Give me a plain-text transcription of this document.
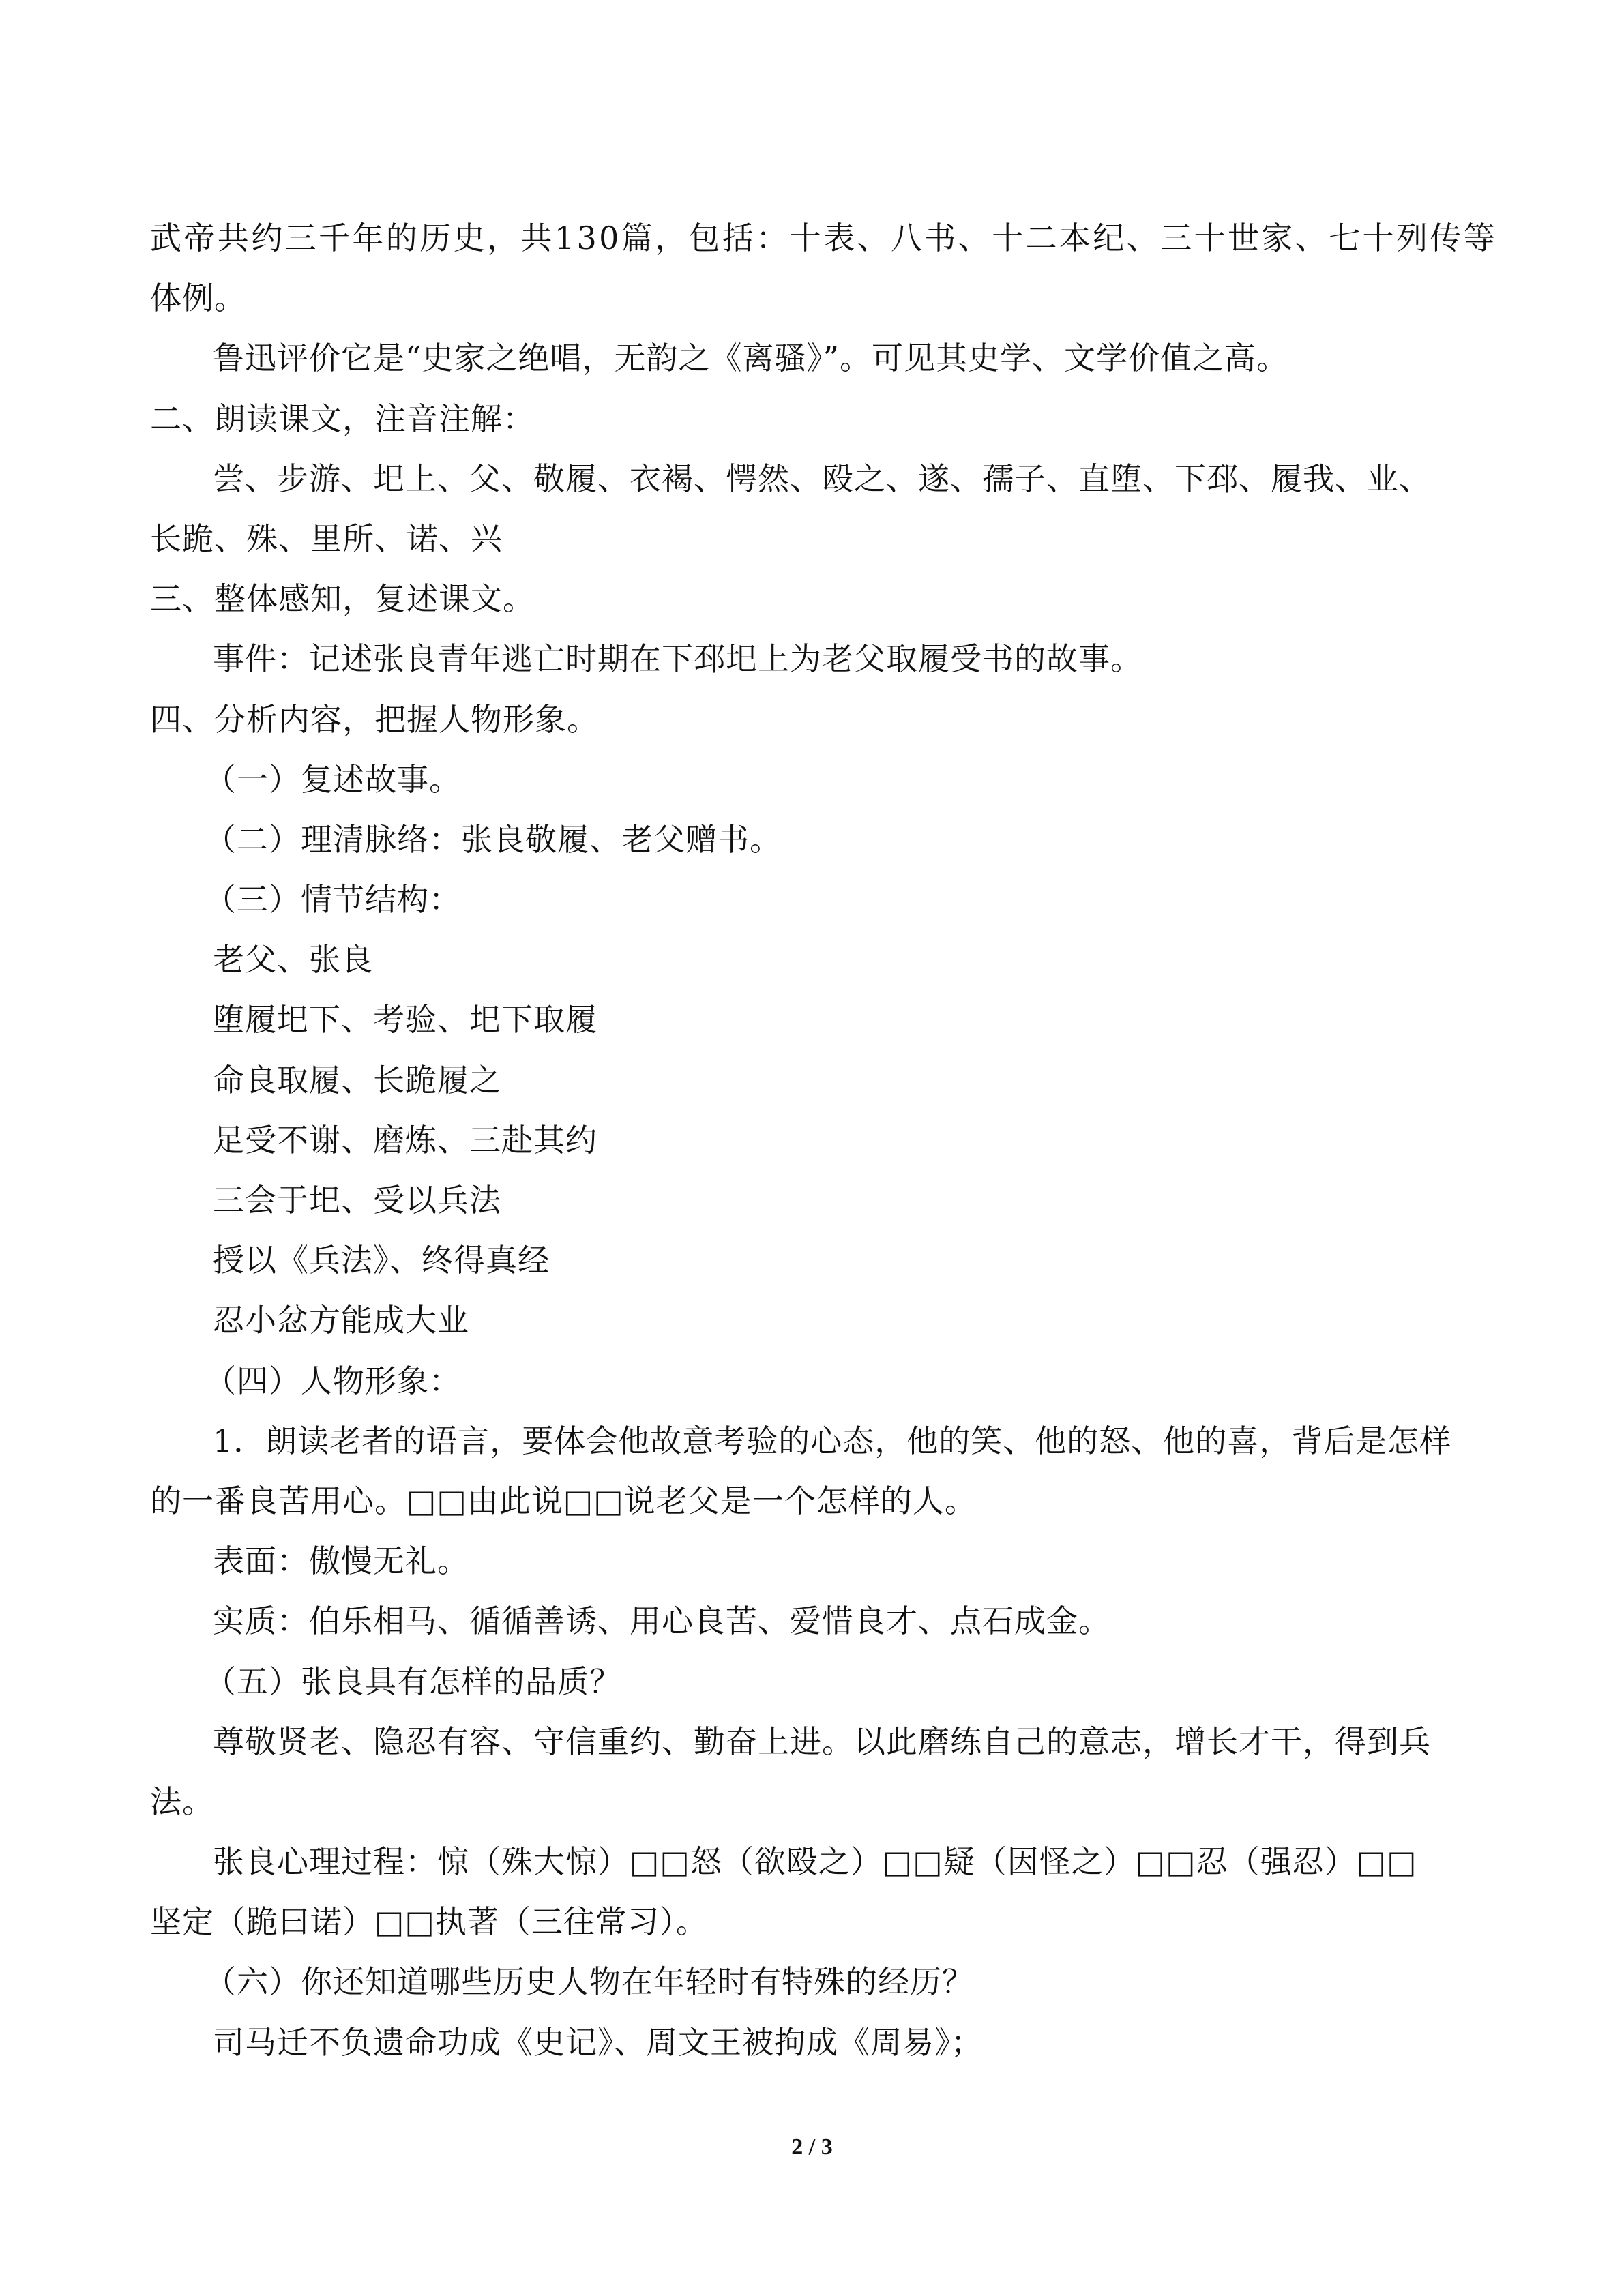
武帝共约三千年的历史，共130篇，包括：十表、八书、十二本纪、三十世家、七十列传等
体例。
鲁迅评价它是“史家之绝唱，无韵之《离骚》”。可见其史学、文学价值之高。
二、朗读课文，注音注解：
尝、步游、圯上、父、敬履、衣褐、愕然、殴之、遂、孺子、直堕、下邳、履我、业、
长跪、殊、里所、诺、兴
三、整体感知，复述课文。
事件：记述张良青年逃亡时期在下邳圯上为老父取履受书的故事。
四、分析内容，把握人物形象。
（一）复述故事。
（二）理清脉络：张良敬履、老父赠书。
（三）情节结构：
老父、张良
堕履圯下、考验、圯下取履
命良取履、长跪履之
足受不谢、磨炼、三赴其约
三会于圯、受以兵法
授以《兵法》、终得真经
忍小忿方能成大业
（四）人物形象：
1．朗读老者的语言，要体会他故意考验的心态，他的笑、他的怒、他的喜，背后是怎样
的一番良苦用心。□□由此说□□说老父是一个怎样的人。
表面：傲慢无礼。
实质：伯乐相马、循循善诱、用心良苦、爱惜良才、点石成金。
（五）张良具有怎样的品质？
尊敬贤老、隐忍有容、守信重约、勤奋上进。以此磨练自己的意志，增长才干，得到兵
法。
张良心理过程：惊（殊大惊）□□怒（欲殴之）□□疑（因怪之）□□忍（强忍）□□
坚定（跪曰诺）□□执著（三往常习）。
（六）你还知道哪些历史人物在年轻时有特殊的经历？
司马迁不负遗命功成《史记》、周文王被拘成《周易》；
2 / 3
